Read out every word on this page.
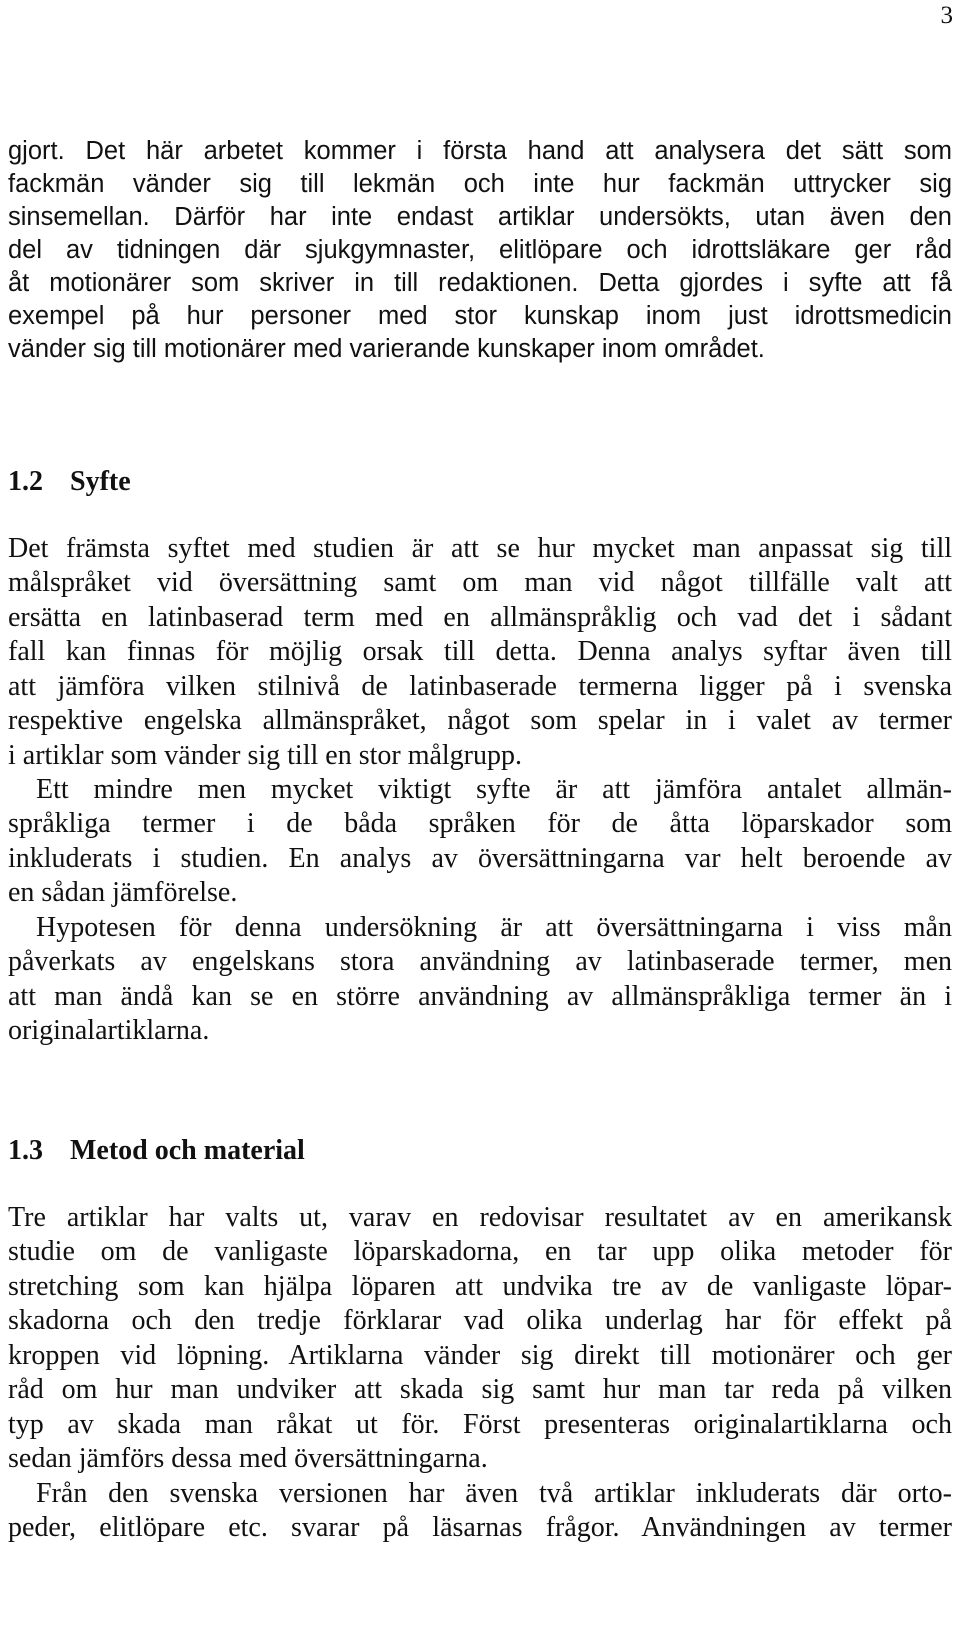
3
gjort. Det här arbetet kommer i första hand att analysera det sätt som
fackmän vänder sig till lekmän och inte hur fackmän uttrycker sig
sinsemellan. Därför har inte endast artiklar undersökts, utan även den
del av tidningen där sjukgymnaster, elitlöpare och idrottsläkare ger råd
åt motionärer som skriver in till redaktionen. Detta gjordes i syfte att få
exempel på hur personer med stor kunskap inom just idrottsmedicin
vänder sig till motionärer med varierande kunskaper inom området.
1.2 Syfte
Det främsta syftet med studien är att se hur mycket man anpassat sig till
målspråket vid översättning samt om man vid något tillfälle valt att
ersätta en latinbaserad term med en allmänspråklig och vad det i sådant
fall kan finnas för möjlig orsak till detta. Denna analys syftar även till
att jämföra vilken stilnivå de latinbaserade termerna ligger på i svenska
respektive engelska allmänspråket, något som spelar in i valet av termer
i artiklar som vänder sig till en stor målgrupp.
Ett mindre men mycket viktigt syfte är att jämföra antalet allmän-
språkliga termer i de båda språken för de åtta löparskador som
inkluderats i studien. En analys av översättningarna var helt beroende av
en sådan jämförelse.
Hypotesen för denna undersökning är att översättningarna i viss mån
påverkats av engelskans stora användning av latinbaserade termer, men
att man ändå kan se en större användning av allmänspråkliga termer än i
originalartiklarna.
1.3 Metod och material
Tre artiklar har valts ut, varav en redovisar resultatet av en amerikansk
studie om de vanligaste löparskadorna, en tar upp olika metoder för
stretching som kan hjälpa löparen att undvika tre av de vanligaste löpar-
skadorna och den tredje förklarar vad olika underlag har för effekt på
kroppen vid löpning. Artiklarna vänder sig direkt till motionärer och ger
råd om hur man undviker att skada sig samt hur man tar reda på vilken
typ av skada man råkat ut för. Först presenteras originalartiklarna och
sedan jämförs dessa med översättningarna.
Från den svenska versionen har även två artiklar inkluderats där orto-
peder, elitlöpare etc. svarar på läsarnas frågor. Användningen av termer
